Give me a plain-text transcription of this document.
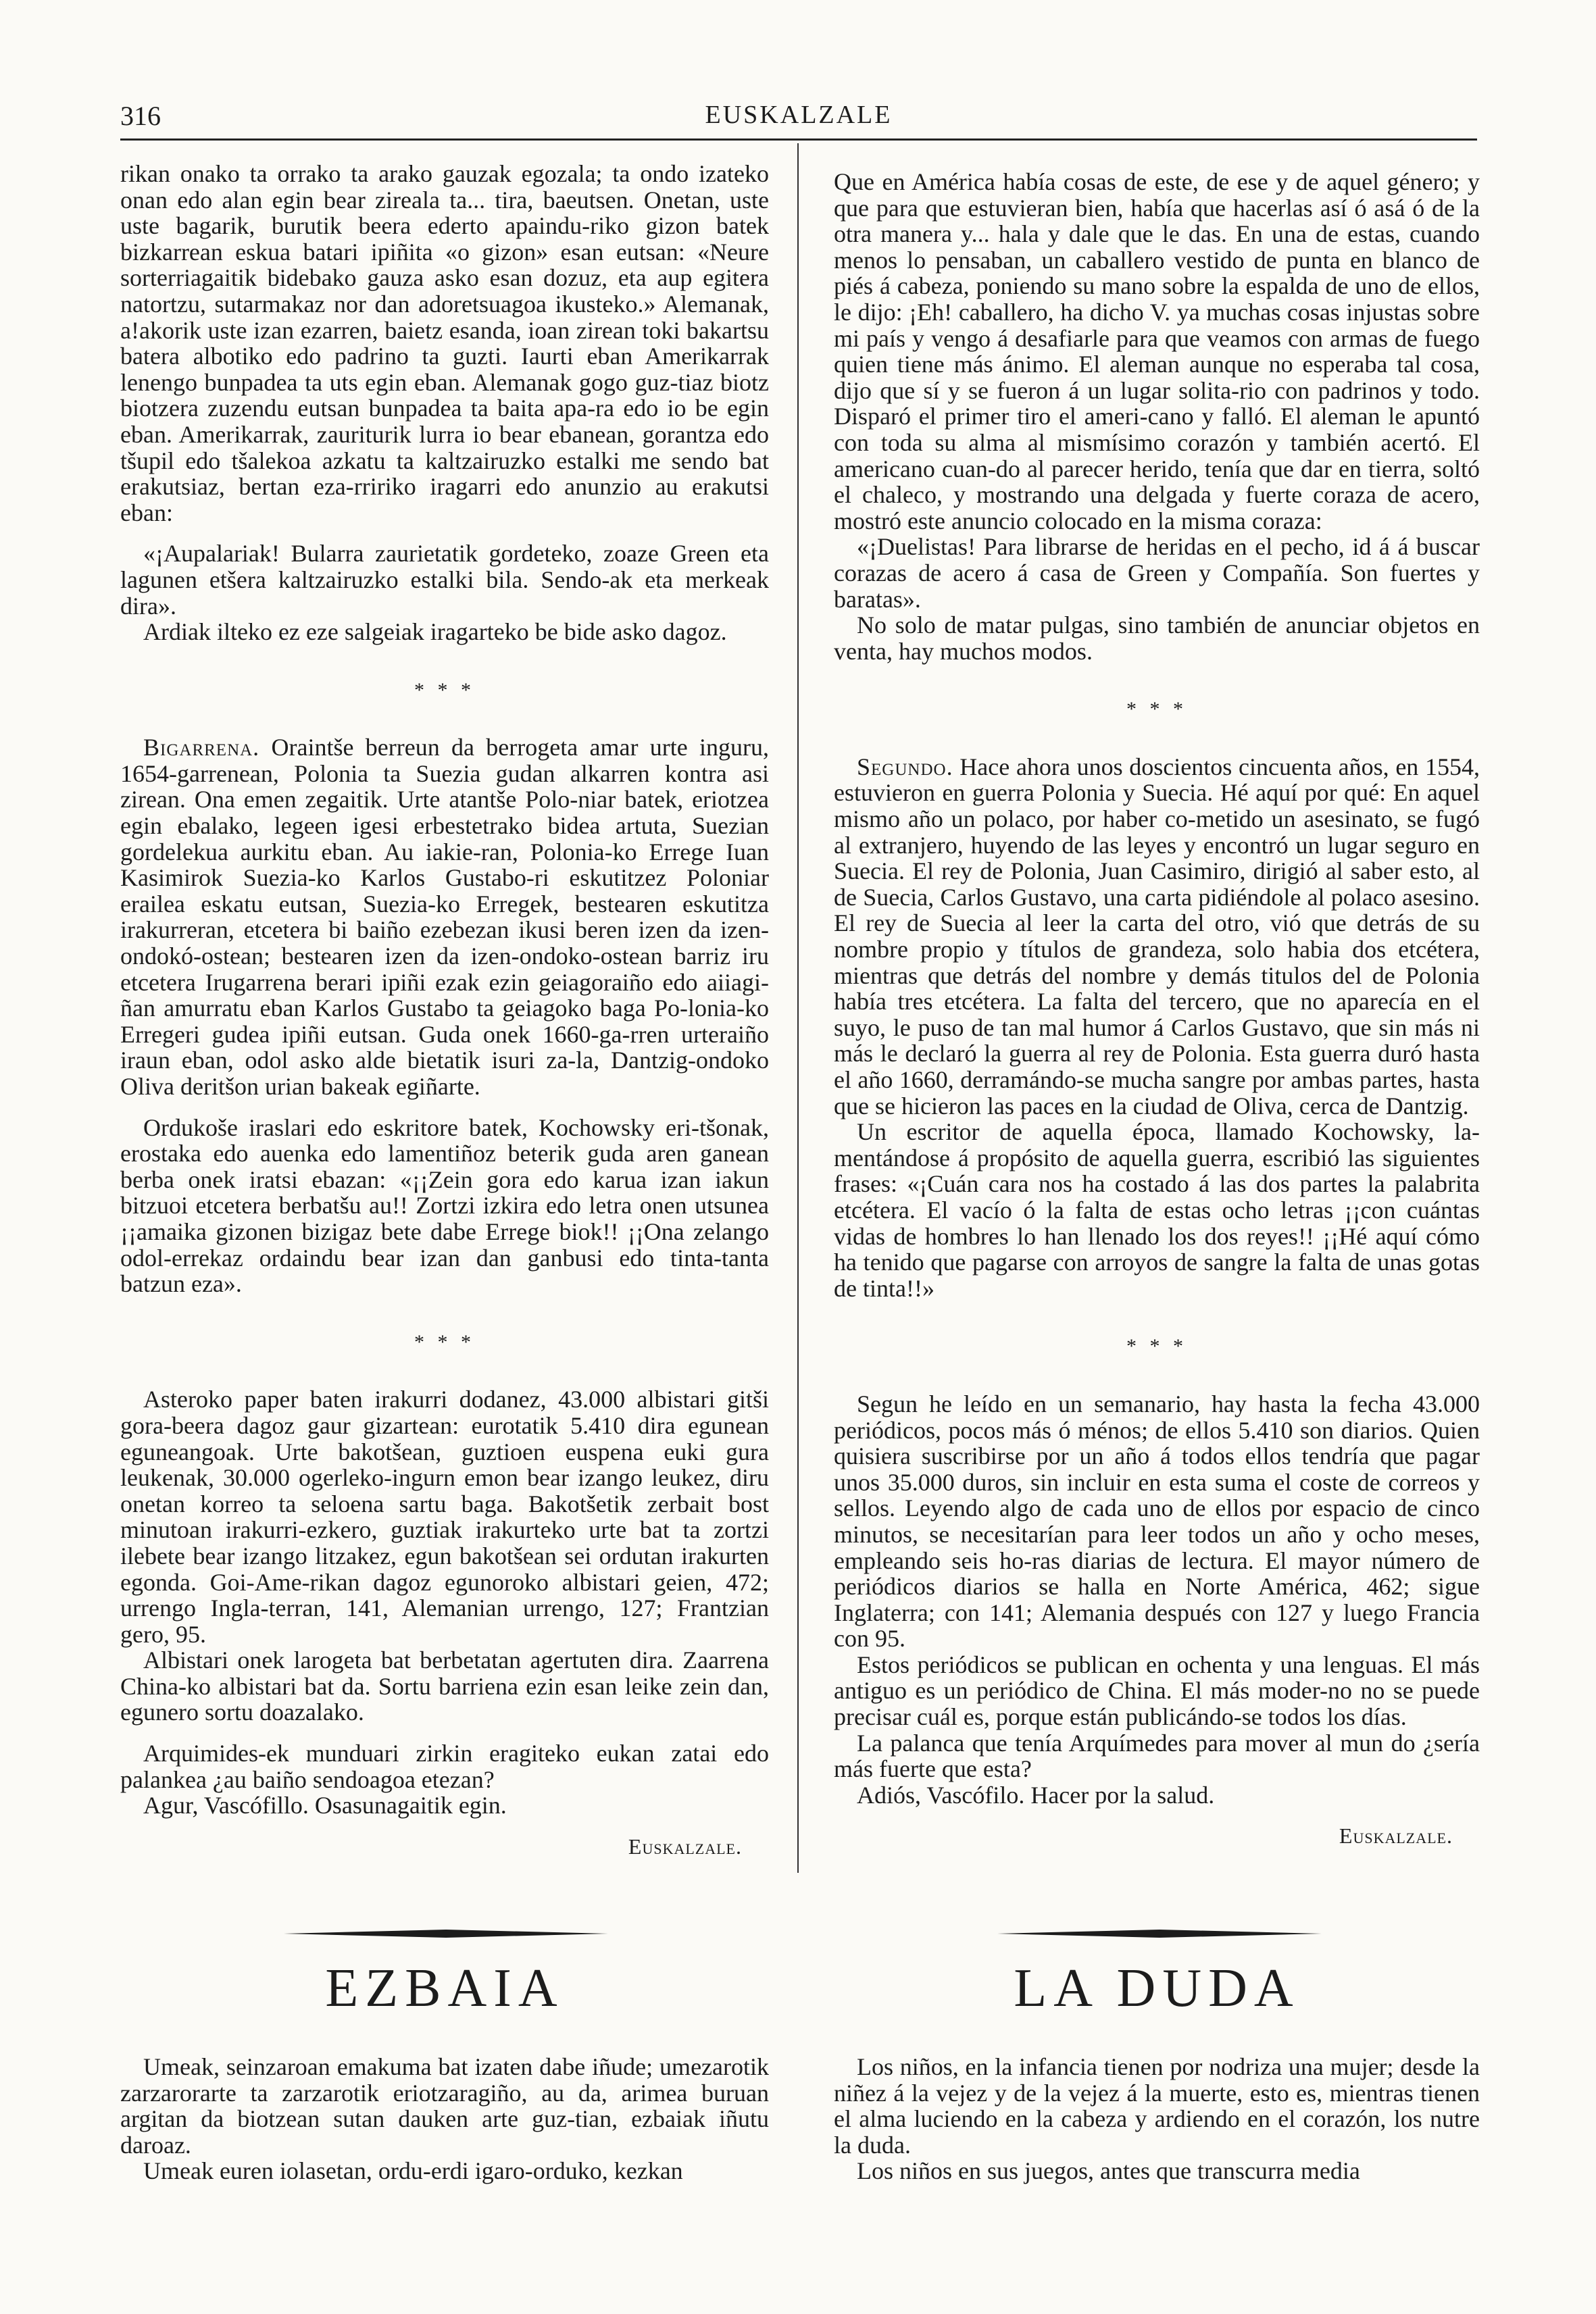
316	EUSKALZALE

rikan onako ta orrako ta arako gauzak egozala; ta ondo izateko onan edo alan egin bear zireala ta... tira, baeutsen. Onetan, uste uste bagarik, burutik beera ederto apaindu-riko gizon batek bizkarrean eskua batari ipiñita «o gizon» esan eutsan: «Neure sorterriagaitik bidebako gauza asko esan dozuz, eta aup egitera natortzu, sutarmakaz nor dan adoretsuagoa ikusteko.» Alemanak, a!akorik uste izan ezarren, baietz esanda, ioan zirean toki bakartsu batera albotiko edo padrino ta guzti. Iaurti eban Amerikarrak lenengo bunpadea ta uts egin eban. Alemanak gogo guz-tiaz biotz biotzera zuzendu eutsan bunpadea ta baita apa-ra edo io be egin eban. Amerikarrak, zauriturik lurra io bear ebanean, gorantza edo tšupil edo tšalekoa azkatu ta kaltzairuzko estalki me sendo bat erakutsiaz, bertan eza-rririko iragarri edo anunzio au erakutsi eban:

«¡Aupalariak! Bularra zaurietatik gordeteko, zoaze Green eta lagunen etšera kaltzairuzko estalki bila. Sendo-ak eta merkeak dira».

Ardiak ilteko ez eze salgeiak iragarteko be bide asko dagoz.

* * *

Bigarrena. Oraintše berreun da berrogeta amar urte inguru, 1654-garrenean, Polonia ta Suezia gudan alkarren kontra asi zirean. Ona emen zegaitik. Urte atantše Polo-niar batek, eriotzea egin ebalako, legeen igesi erbestetrako bidea artuta, Suezian gordelekua aurkitu eban. Au iakie-ran, Polonia-ko Errege Iuan Kasimirok Suezia-ko Karlos Gustabo-ri eskutitzez Poloniar erailea eskatu eutsan, Suezia-ko Erregek, bestearen eskutitza irakurreran, etcetera bi baiño ezebezan ikusi beren izen da izen-ondokó-ostean; bestearen izen da izen-ondoko-ostean barriz iru etcetera Irugarrena berari ipiñi ezak ezin geiagoraiño edo aiiagi-ñan amurratu eban Karlos Gustabo ta geiagoko baga Po-lonia-ko Erregeri gudea ipiñi eutsan. Guda onek 1660-ga-rren urteraiño iraun eban, odol asko alde bietatik isuri za-la, Dantzig-ondoko Oliva deritšon urian bakeak egiñarte.

Ordukoše iraslari edo eskritore batek, Kochowsky eri-tšonak, erostaka edo auenka edo lamentiñoz beterik guda aren ganean berba onek iratsi ebazan: «¡¡Zein gora edo karua izan iakun bitzuoi etcetera berbatšu au!! Zortzi izkira edo letra onen utsunea ¡¡amaika gizonen bizigaz bete dabe Errege biok!! ¡¡Ona zelango odol-errekaz ordaindu bear izan dan ganbusi edo tinta-tanta batzun eza».

* * *

Asteroko paper baten irakurri dodanez, 43.000 albistari gitši gora-beera dagoz gaur gizartean: eurotatik 5.410 dira egunean eguneangoak. Urte bakotšean, guztioen euspena euki gura leukenak, 30.000 ogerleko-ingurn emon bear izango leukez, diru onetan korreo ta seloena sartu baga. Bakotšetik zerbait bost minutoan irakurri-ezkero, guztiak irakurteko urte bat ta zortzi ilebete bear izango litzakez, egun bakotšean sei ordutan irakurten egonda. Goi-Ame-rikan dagoz egunoroko albistari geien, 472; urrengo Ingla-terran, 141, Alemanian urrengo, 127; Frantzian gero, 95.

Albistari onek larogeta bat berbetatan agertuten dira. Zaarrena China-ko albistari bat da. Sortu barriena ezin esan leike zein dan, egunero sortu doazalako.

Arquimides-ek munduari zirkin eragiteko eukan zatai edo palankea ¿au baiño sendoagoa etezan?

Agur, Vascófillo. Osasunagaitik egin.

Euskalzale.

Que en América había cosas de este, de ese y de aquel género; y que para que estuvieran bien, había que hacerlas así ó asá ó de la otra manera y... hala y dale que le das. En una de estas, cuando menos lo pensaban, un caballero vestido de punta en blanco de piés á cabeza, poniendo su mano sobre la espalda de uno de ellos, le dijo: ¡Eh! caballero, ha dicho V. ya muchas cosas injustas sobre mi país y vengo á desafiarle para que veamos con armas de fuego quien tiene más ánimo. El aleman aunque no esperaba tal cosa, dijo que sí y se fueron á un lugar solita-rio con padrinos y todo. Disparó el primer tiro el ameri-cano y falló. El aleman le apuntó con toda su alma al mismísimo corazón y también acertó. El americano cuan-do al parecer herido, tenía que dar en tierra, soltó el chaleco, y mostrando una delgada y fuerte coraza de acero, mostró este anuncio colocado en la misma coraza:

«¡Duelistas! Para librarse de heridas en el pecho, id á á buscar corazas de acero á casa de Green y Compañía. Son fuertes y baratas».

No solo de matar pulgas, sino también de anunciar objetos en venta, hay muchos modos.

* * *

Segundo. Hace ahora unos doscientos cincuenta años, en 1554, estuvieron en guerra Polonia y Suecia. Hé aquí por qué: En aquel mismo año un polaco, por haber co-metido un asesinato, se fugó al extranjero, huyendo de las leyes y encontró un lugar seguro en Suecia. El rey de Polonia, Juan Casimiro, dirigió al saber esto, al de Suecia, Carlos Gustavo, una carta pidiéndole al polaco asesino. El rey de Suecia al leer la carta del otro, vió que detrás de su nombre propio y títulos de grandeza, solo habia dos etcétera, mientras que detrás del nombre y demás titulos del de Polonia había tres etcétera. La falta del tercero, que no aparecía en el suyo, le puso de tan mal humor á Carlos Gustavo, que sin más ni más le declaró la guerra al rey de Polonia. Esta guerra duró hasta el año 1660, derramándo-se mucha sangre por ambas partes, hasta que se hicieron las paces en la ciudad de Oliva, cerca de Dantzig.

Un escritor de aquella época, llamado Kochowsky, la-mentándose á propósito de aquella guerra, escribió las siguientes frases: «¡Cuán cara nos ha costado á las dos partes la palabrita etcétera. El vacío ó la falta de estas ocho letras ¡¡con cuántas vidas de hombres lo han llenado los dos reyes!! ¡¡Hé aquí cómo ha tenido que pagarse con arroyos de sangre la falta de unas gotas de tinta!!»

* * *

Segun he leído en un semanario, hay hasta la fecha 43.000 periódicos, pocos más ó ménos; de ellos 5.410 son diarios. Quien quisiera suscribirse por un año á todos ellos tendría que pagar unos 35.000 duros, sin incluir en esta suma el coste de correos y sellos. Leyendo algo de cada uno de ellos por espacio de cinco minutos, se necesitarían para leer todos un año y ocho meses, empleando seis ho-ras diarias de lectura. El mayor número de periódicos diarios se halla en Norte América, 462; sigue Inglaterra; con 141; Alemania después con 127 y luego Francia con 95.

Estos periódicos se publican en ochenta y una lenguas. El más antiguo es un periódico de China. El más moder-no no se puede precisar cuál es, porque están publicándo-se todos los días.

La palanca que tenía Arquímedes para mover al mun do ¿sería más fuerte que esta?

Adiós, Vascófilo. Hacer por la salud.

Euskalzale.
EZBAIA	LA DUDA

Umeak, seinzaroan emakuma bat izaten dabe iñude; umezarotik zarzarorarte ta zarzarotik eriotzaragiño, au da, arimea buruan argitan da biotzean sutan dauken arte guz-tian, ezbaiak iñutu daroaz.

Umeak euren iolasetan, ordu-erdi igaro-orduko, kezkan

Los niños, en la infancia tienen por nodriza una mujer; desde la niñez á la vejez y de la vejez á la muerte, esto es, mientras tienen el alma luciendo en la cabeza y ardiendo en el corazón, los nutre la duda.

Los niños en sus juegos, antes que transcurra media
